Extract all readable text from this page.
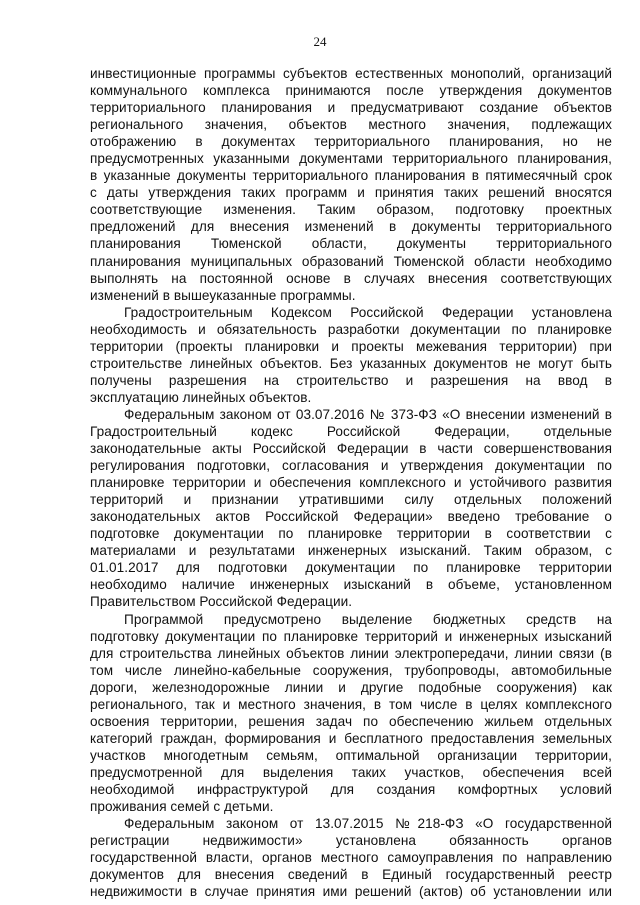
24
инвестиционные программы субъектов естественных монополий, организаций
коммунального комплекса принимаются после утверждения документов
территориального планирования и предусматривают создание объектов
регионального значения, объектов местного значения, подлежащих
отображению в документах территориального планирования, но не
предусмотренных указанными документами территориального планирования,
в указанные документы территориального планирования в пятимесячный срок
с даты утверждения таких программ и принятия таких решений вносятся
соответствующие изменения. Таким образом, подготовку проектных
предложений для внесения изменений в документы территориального
планирования Тюменской области, документы территориального
планирования муниципальных образований Тюменской области необходимо
выполнять на постоянной основе в случаях внесения соответствующих
изменений в вышеуказанные программы.
Градостроительным Кодексом Российской Федерации установлена
необходимость и обязательность разработки документации по планировке
территории (проекты планировки и проекты межевания территории) при
строительстве линейных объектов. Без указанных документов не могут быть
получены разрешения на строительство и разрешения на ввод в
эксплуатацию линейных объектов.
Федеральным законом от 03.07.2016 № 373-ФЗ «О внесении изменений в
Градостроительный кодекс Российской Федерации, отдельные
законодательные акты Российской Федерации в части совершенствования
регулирования подготовки, согласования и утверждения документации по
планировке территории и обеспечения комплексного и устойчивого развития
территорий и признании утратившими силу отдельных положений
законодательных актов Российской Федерации» введено требование о
подготовке документации по планировке территории в соответствии с
материалами и результатами инженерных изысканий. Таким образом, с
01.01.2017 для подготовки документации по планировке территории
необходимо наличие инженерных изысканий в объеме, установленном
Правительством Российской Федерации.
Программой предусмотрено выделение бюджетных средств на
подготовку документации по планировке территорий и инженерных изысканий
для строительства линейных объектов линии электропередачи, линии связи (в
том числе линейно-кабельные сооружения, трубопроводы, автомобильные
дороги, железнодорожные линии и другие подобные сооружения) как
регионального, так и местного значения, в том числе в целях комплексного
освоения территории, решения задач по обеспечению жильем отдельных
категорий граждан, формирования и бесплатного предоставления земельных
участков многодетным семьям, оптимальной организации территории,
предусмотренной для выделения таких участков, обеспечения всей
необходимой инфраструктурой для создания комфортных условий
проживания семей с детьми.
Федеральным законом от 13.07.2015 №218-ФЗ «О государственной
регистрации недвижимости» установлена обязанность органов
государственной власти, органов местного самоуправления по направлению
документов для внесения сведений в Единый государственный реестр
недвижимости в случае принятия ими решений (актов) об установлении или
